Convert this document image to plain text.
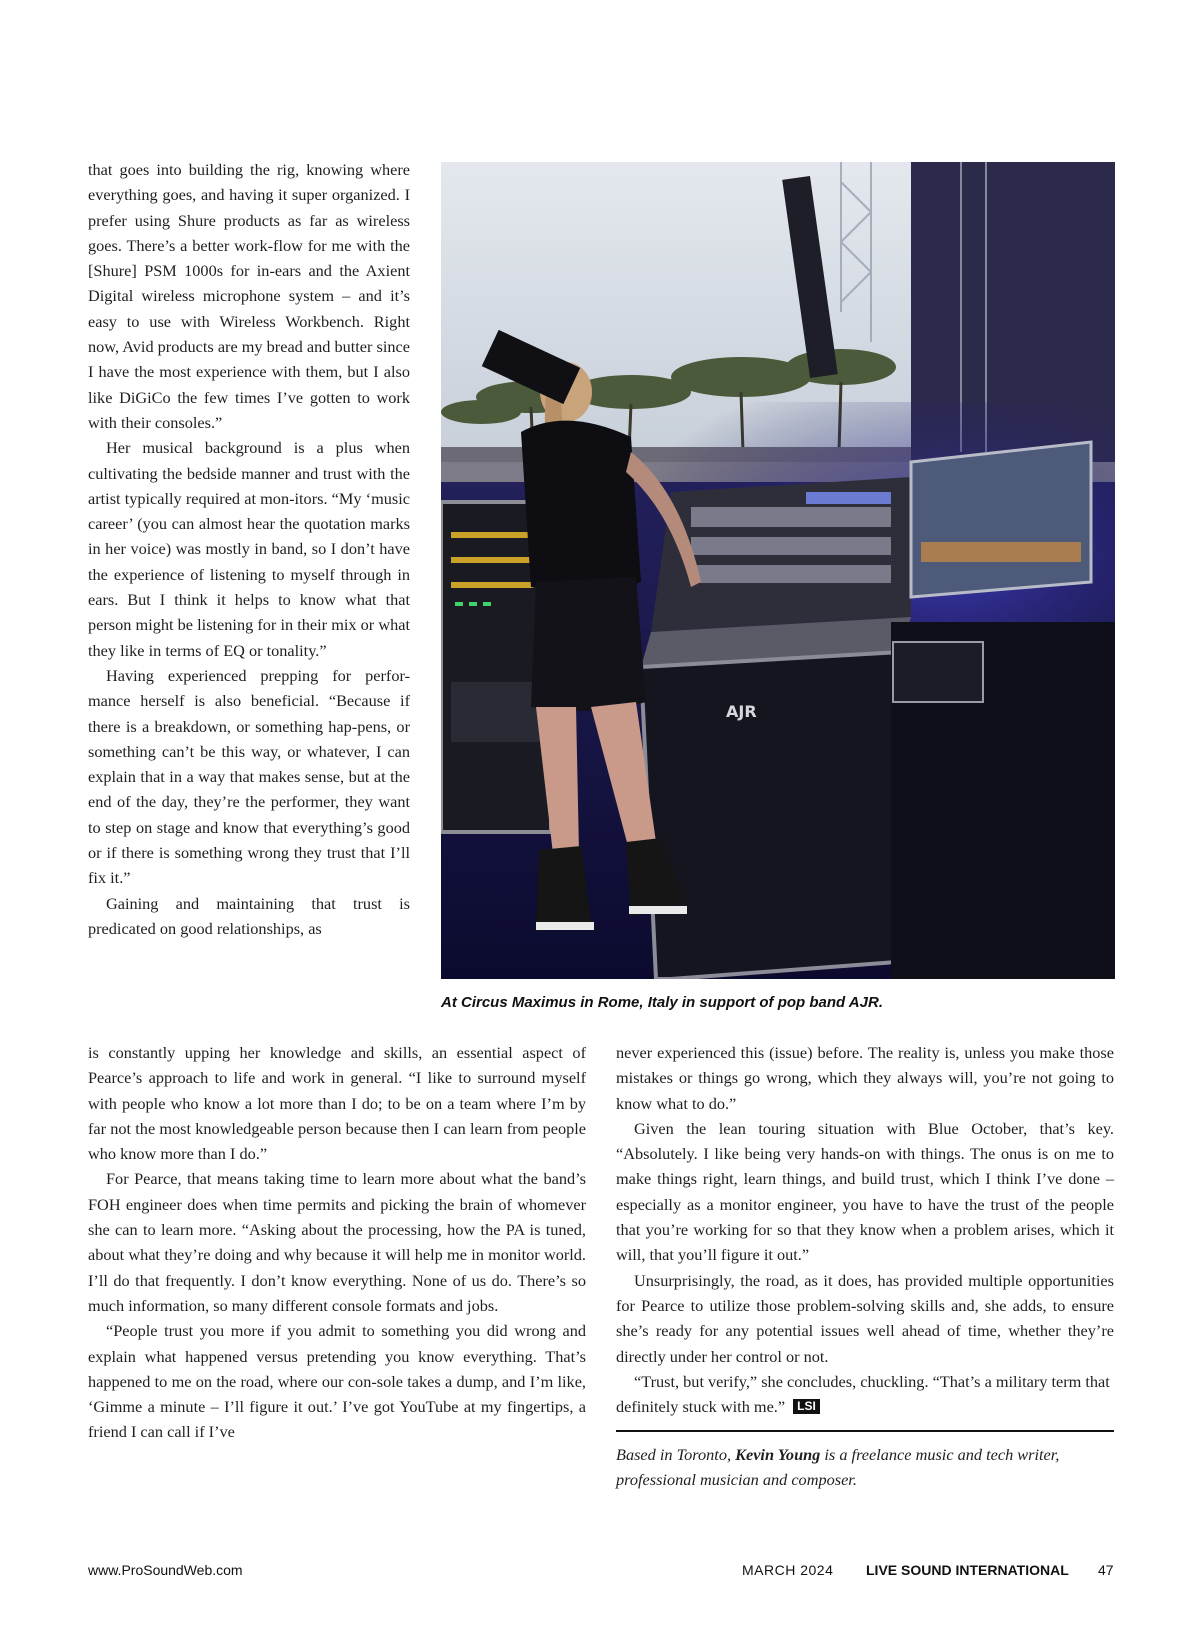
that goes into building the rig, knowing where everything goes, and having it super organized. I prefer using Shure products as far as wireless goes. There’s a better work-flow for me with the [Shure] PSM 1000s for in-ears and the Axient Digital wireless microphone system – and it’s easy to use with Wireless Workbench. Right now, Avid products are my bread and butter since I have the most experience with them, but I also like DiGiCo the few times I’ve gotten to work with their consoles.”

Her musical background is a plus when cultivating the bedside manner and trust with the artist typically required at mon-itors. “My ‘music career’ (you can almost hear the quotation marks in her voice) was mostly in band, so I don’t have the experience of listening to myself through in ears. But I think it helps to know what that person might be listening for in their mix or what they like in terms of EQ or tonality.”

Having experienced prepping for perfor-mance herself is also beneficial. “Because if there is a breakdown, or something hap-pens, or something can’t be this way, or whatever, I can explain that in a way that makes sense, but at the end of the day, they’re the performer, they want to step on stage and know that everything’s good or if there is something wrong they trust that I’ll fix it.”

Gaining and maintaining that trust is predicated on good relationships, as

AJR
At Circus Maximus in Rome, Italy in support of pop band AJR.

is constantly upping her knowledge and skills, an essential aspect of Pearce’s approach to life and work in general. “I like to surround myself with people who know a lot more than I do; to be on a team where I’m by far not the most knowledgeable person because then I can learn from people who know more than I do.”

For Pearce, that means taking time to learn more about what the band’s FOH engineer does when time permits and picking the brain of whomever she can to learn more. “Asking about the processing, how the PA is tuned, about what they’re doing and why because it will help me in monitor world. I’ll do that frequently. I don’t know everything. None of us do. There’s so much information, so many different console formats and jobs.

“People trust you more if you admit to something you did wrong and explain what happened versus pretending you know everything. That’s happened to me on the road, where our con-sole takes a dump, and I’m like, ‘Gimme a minute – I’ll figure it out.’ I’ve got YouTube at my fingertips, a friend I can call if I’ve

never experienced this (issue) before. The reality is, unless you make those mistakes or things go wrong, which they always will, you’re not going to know what to do.”

Given the lean touring situation with Blue October, that’s key. “Absolutely. I like being very hands-on with things. The onus is on me to make things right, learn things, and build trust, which I think I’ve done – especially as a monitor engineer, you have to have the trust of the people that you’re working for so that they know when a problem arises, which it will, that you’ll figure it out.”

Unsurprisingly, the road, as it does, has provided multiple opportunities for Pearce to utilize those problem-solving skills and, she adds, to ensure she’s ready for any potential issues well ahead of time, whether they’re directly under her control or not.

“Trust, but verify,” she concludes, chuckling. “That’s a military term that definitely stuck with me.” LSI

Based in Toronto, Kevin Young is a freelance music and tech writer, professional musician and composer.
www.ProSoundWeb.com	MARCH 2024 LIVE SOUND INTERNATIONAL 47
